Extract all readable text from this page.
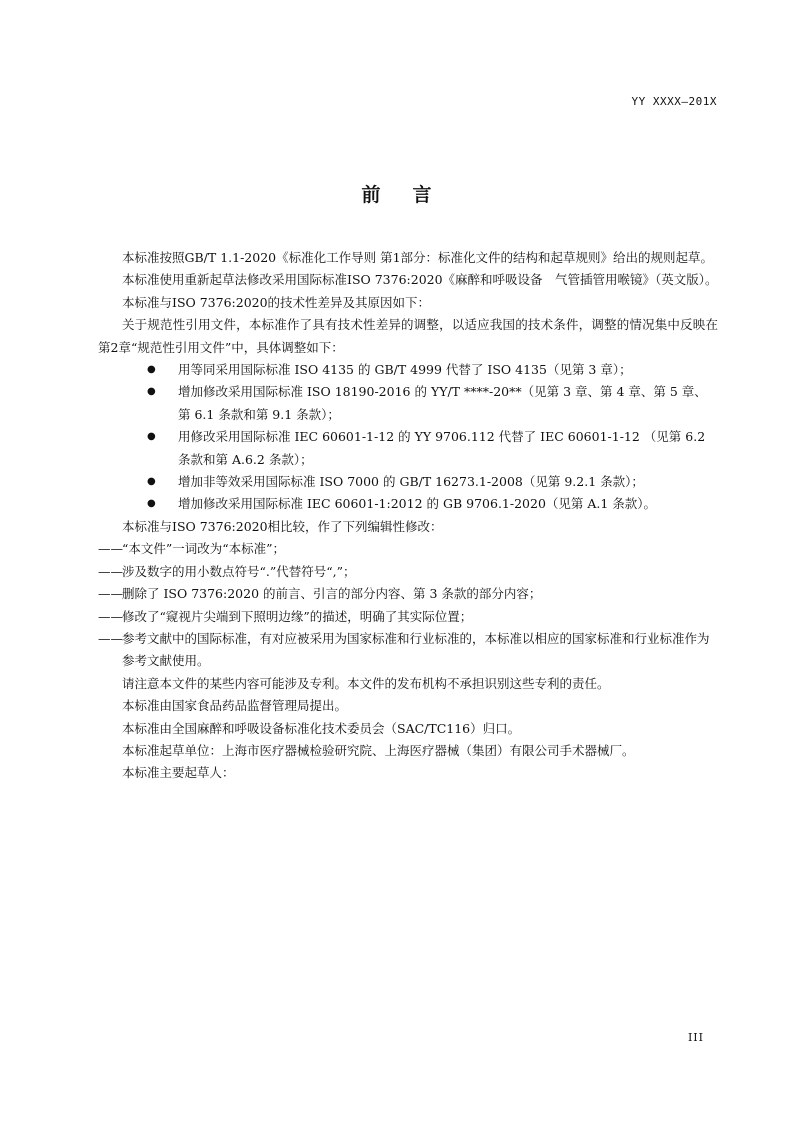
YY XXXX—201X
前言

本标准按照GB/T 1.1-2020《标准化工作导则 第1部分：标准化文件的结构和起草规则》给出的规则起草。

本标准使用重新起草法修改采用国际标准ISO 7376:2020《麻醉和呼吸设备　气管插管用喉镜》（英文版）。

本标准与ISO 7376:2020的技术性差异及其原因如下：

关于规范性引用文件，本标准作了具有技术性差异的调整，以适应我国的技术条件，调整的情况集中反映在第2章“规范性引用文件”中，具体调整如下：

● 用等同采用国际标准 ISO 4135 的 GB/T 4999 代替了 ISO 4135（见第 3 章）；
● 增加修改采用国际标准 ISO 18190-2016 的 YY/T ****-20**（见第 3 章、第 4 章、第 5 章、第 6.1 条款和第 9.1 条款）；
● 用修改采用国际标准 IEC 60601-1-12 的 YY 9706.112 代替了 IEC 60601-1-12 （见第 6.2 条款和第 A.6.2 条款）；
● 增加非等效采用国际标准 ISO 7000 的 GB/T 16273.1-2008（见第 9.2.1 条款）；
● 增加修改采用国际标准 IEC 60601-1:2012 的 GB 9706.1-2020（见第 A.1 条款）。

本标准与ISO 7376:2020相比较，作了下列编辑性修改：

—— “本文件”一词改为“本标准”；

—— 涉及数字的用小数点符号“.”代替符号“,”；

—— 删除了 ISO 7376:2020 的前言、引言的部分内容、第 3 条款的部分内容；

—— 修改了“窥视片尖端到下照明边缘”的描述，明确了其实际位置；

—— 参考文献中的国际标准，有对应被采用为国家标准和行业标准的，本标准以相应的国家标准和行业标准作为参考文献使用。

请注意本文件的某些内容可能涉及专利。本文件的发布机构不承担识别这些专利的责任。

本标准由国家食品药品监督管理局提出。

本标准由全国麻醉和呼吸设备标准化技术委员会（SAC/TC116）归口。

本标准起草单位：上海市医疗器械检验研究院、上海医疗器械（集团）有限公司手术器械厂。

本标准主要起草人：

III
